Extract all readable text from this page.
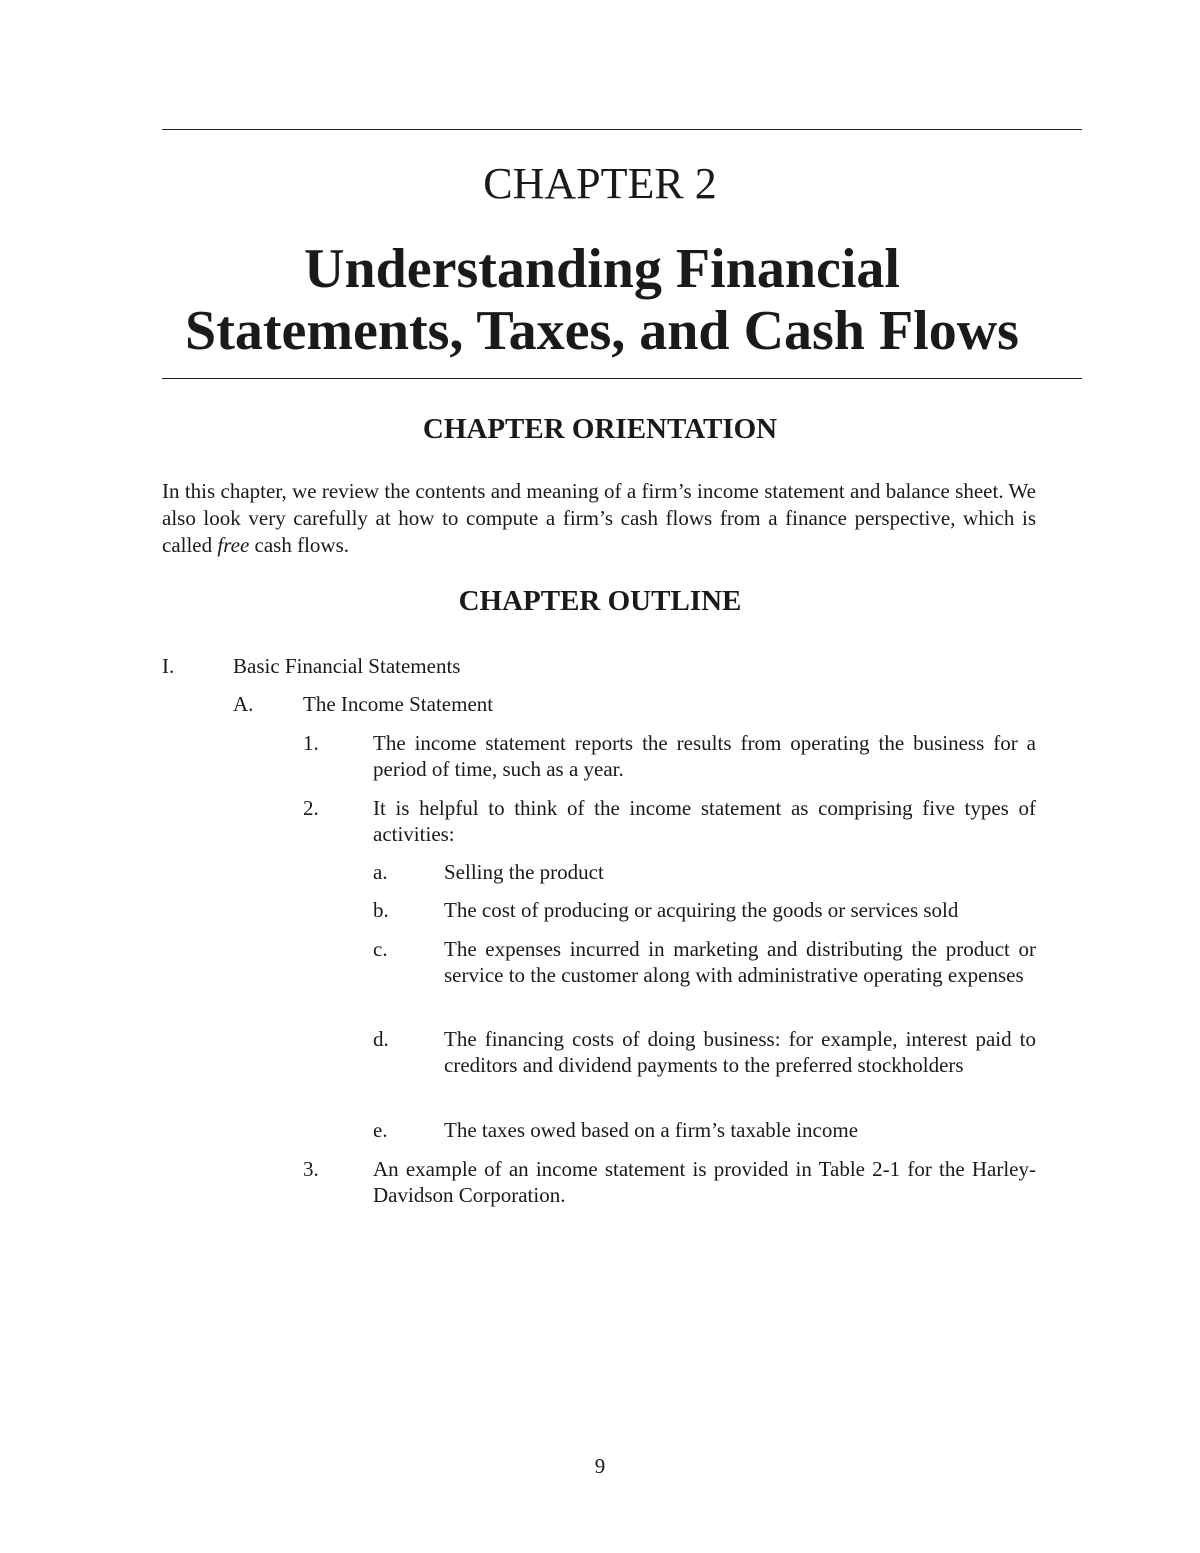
CHAPTER 2
Understanding Financial
Statements, Taxes, and Cash Flows
CHAPTER ORIENTATION

In this chapter, we review the contents and meaning of a firm’s income statement and balance sheet. We also look very carefully at how to compute a firm’s cash flows from a finance perspective, which is called free cash flows.

CHAPTER OUTLINE
I.	Basic Financial Statements
A. The Income Statement
1.	The income statement reports the results from operating the business for a period of time, such as a year.
2.	It is helpful to think of the income statement as comprising five types of activities:
a.	Selling the product
b.	The cost of producing or acquiring the goods or services sold
c.	The expenses incurred in marketing and distributing the product or service to the customer along with administrative operating expenses
d.	The financing costs of doing business: for example, interest paid to creditors and dividend payments to the preferred stockholders
e.	The taxes owed based on a firm’s taxable income
3.	An example of an income statement is provided in Table 2-1 for the Harley-Davidson Corporation.
9
